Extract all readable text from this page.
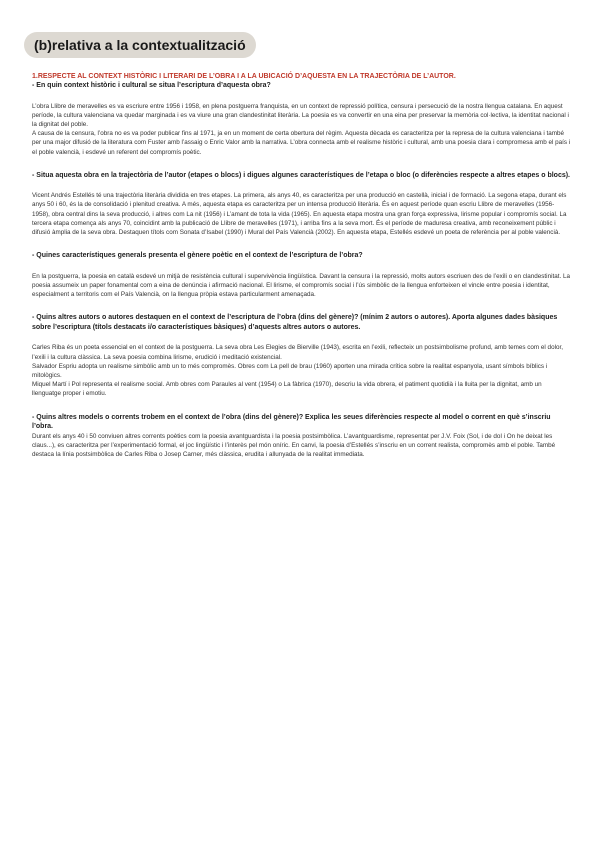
(b)relativa a la contextualització

1.RESPECTE AL CONTEXT HISTÒRIC I LITERARI DE L’OBRA I A LA UBICACIÓ D’AQUESTA EN LA TRAJECTÒRIA DE L’AUTOR.

- En quin context històric i cultural se situa l’escriptura d’aquesta obra?

L’obra Llibre de meravelles es va escriure entre 1956 i 1958, en plena postguerra franquista, en un context de repressió política, censura i persecució de la nostra llengua catalana. En aquest període, la cultura valenciana va quedar marginada i es va viure una gran clandestinitat literària. La poesia es va convertir en una eina per preservar la memòria col·lectiva, la identitat nacional i la dignitat del poble.

A causa de la censura, l’obra no es va poder publicar fins al 1971, ja en un moment de certa obertura del règim. Aquesta dècada es caracteritza per la represa de la cultura valenciana i també per una major difusió de la literatura com Fuster amb l’assaig o Enric Valor amb la narrativa. L’obra connecta amb el realisme històric i cultural, amb una poesia clara i compromesa amb el país i el poble valencià, i esdevé un referent del compromís poètic.

- Situa aquesta obra en la trajectòria de l’autor (etapes o blocs) i digues algunes característiques de l’etapa o bloc (o diferències respecte a altres etapes o blocs).

Vicent Andrés Estellés té una trajectòria literària dividida en tres etapes. La primera, als anys 40, es caracteritza per una producció en castellà, inicial i de formació. La segona etapa, durant els anys 50 i 60, és la de consolidació i plenitud creativa. A més, aquesta etapa es caracteritza per un intensa producció literària. És en aquest període quan escriu Llibre de meravelles (1956-1958), obra central dins la seva producció, i altres com La nit (1956) i L’amant de tota la vida (1965). En aquesta etapa mostra una gran força expressiva, lirisme popular i compromís social. La tercera etapa comença als anys 70, coincidint amb la publicació de Llibre de meravelles (1971), i arriba fins a la seva mort. És el període de maduresa creativa, amb reconeixement públic i difusió àmplia de la seva obra. Destaquen títols com Sonata d’Isabel (1990) i Mural del País Valencià (2002). En aquesta etapa, Estellés esdevé un poeta de referència per al poble valencià.

- Quines característiques generals presenta el gènere poètic en el context de l’escriptura de l’obra?

En la postguerra, la poesia en català esdevé un mitjà de resistència cultural i supervivència lingüística. Davant la censura i la repressió, molts autors escriuen des de l’exili o en clandestinitat. La poesia assumeix un paper fonamental com a eina de denúncia i afirmació nacional. El lirisme, el compromís social i l’ús simbòlic de la llengua enforteixen el vincle entre poesia i identitat, especialment a territoris com el País Valencià, on la llengua pròpia estava particularment amenaçada.

- Quins altres autors o autores destaquen en el context de l’escriptura de l’obra (dins del gènere)? (mínim 2 autors o autores). Aporta algunes dades bàsiques sobre l’escriptura (títols destacats i/o característiques bàsiques) d’aquests altres autors o autores.

Carles Riba és un poeta essencial en el context de la postguerra. La seva obra Les Elegies de Bierville (1943), escrita en l’exili, reflecteix un postsimbolisme profund, amb temes com el dolor, l’exili i la cultura clàssica. La seva poesia combina lirisme, erudició i meditació existencial.

Salvador Espriu adopta un realisme simbòlic amb un to més compromès. Obres com La pell de brau (1960) aporten una mirada crítica sobre la realitat espanyola, usant símbols bíblics i mitològics.

Miquel Martí i Pol representa el realisme social. Amb obres com Paraules al vent (1954) o La fàbrica (1970), descriu la vida obrera, el patiment quotidià i la lluita per la dignitat, amb un llenguatge proper i emotiu.

- Quins altres models o corrents trobem en el context de l’obra (dins del gènere)? Explica les seues diferències respecte al model o corrent en què s’inscriu l’obra.

Durant els anys 40 i 50 conviuen altres corrents poètics com la poesia avantguardista i la poesia postsimbòlica. L’avantguardisme, representat per J.V. Foix (Sol, i de dol i On he deixat les claus...), es caracteritza per l’experimentació formal, el joc lingüístic i l’interès pel món oníric. En canvi, la poesia d’Estellés s’inscriu en un corrent realista, compromès amb el poble. També destaca la línia postsimbòlica de Carles Riba o Josep Carner, més clàssica, erudita i allunyada de la realitat immediata.
